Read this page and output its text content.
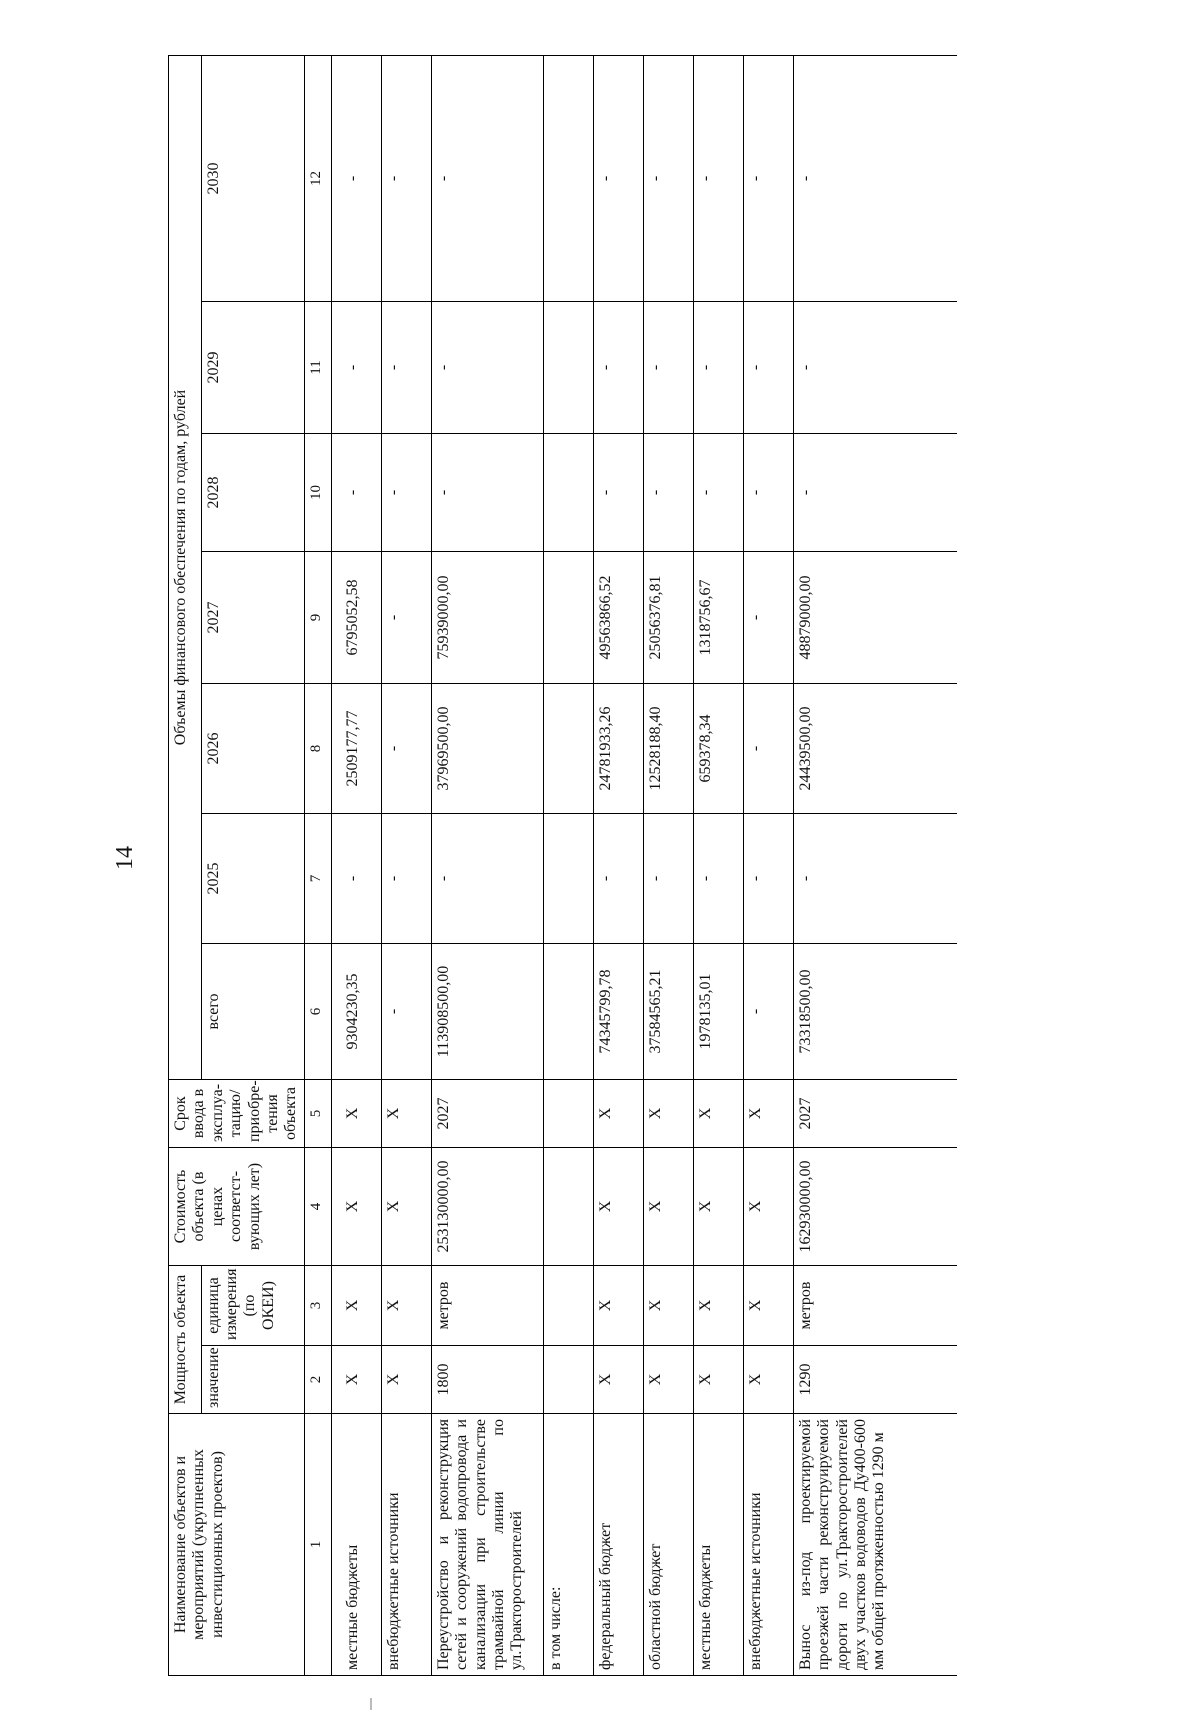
14
Наименование объектов и мероприятий (укрупненных инвестиционных проектов)	Мощность объекта		Стоимость объекта (в ценах соответст-вующих лет)	Срок ввода в эксплуа-тацию/ приобре-тения объекта	Объемы финансового обеспечения по годам, рублей						
	значение	единица измерения (по ОКЕИ)			всего	2025	2026	2027	2028	2029	2030
1	2	3	4	5	6	7	8	9	10	11	12
местные бюджеты	Х	Х	Х	Х	9304230,35	-	2509177,77	6795052,58	-	-	-
внебюджетные источники	Х	Х	Х	Х	-	-	-	-	-	-	-
Переустройство и реконструкция сетей и сооружений водопровода и канализации при строительстве трамвайной линии по ул.Тракторостроителей	1800	метров	253130000,00	2027	113908500,00	-	37969500,00	75939000,00	-	-	-
в том числе:											
федеральный бюджет	Х	Х	Х	Х	74345799,78	-	24781933,26	49563866,52	-	-	-
областной бюджет	Х	Х	Х	Х	37584565,21	-	12528188,40	25056376,81	-	-	-
местные бюджеты	Х	Х	Х	Х	1978135,01	-	659378,34	1318756,67	-	-	-
внебюджетные источники	Х	Х	Х	Х	-	-	-	-	-	-	-
Вынос из-под проектируемой проезжей части реконструируемой дороги по ул.Тракторостроителей двух участков водоводов Ду400-600 мм общей протяженностью 1290 м	1290	метров	162930000,00	2027	73318500,00	-	24439500,00	48879000,00	-	-	-
